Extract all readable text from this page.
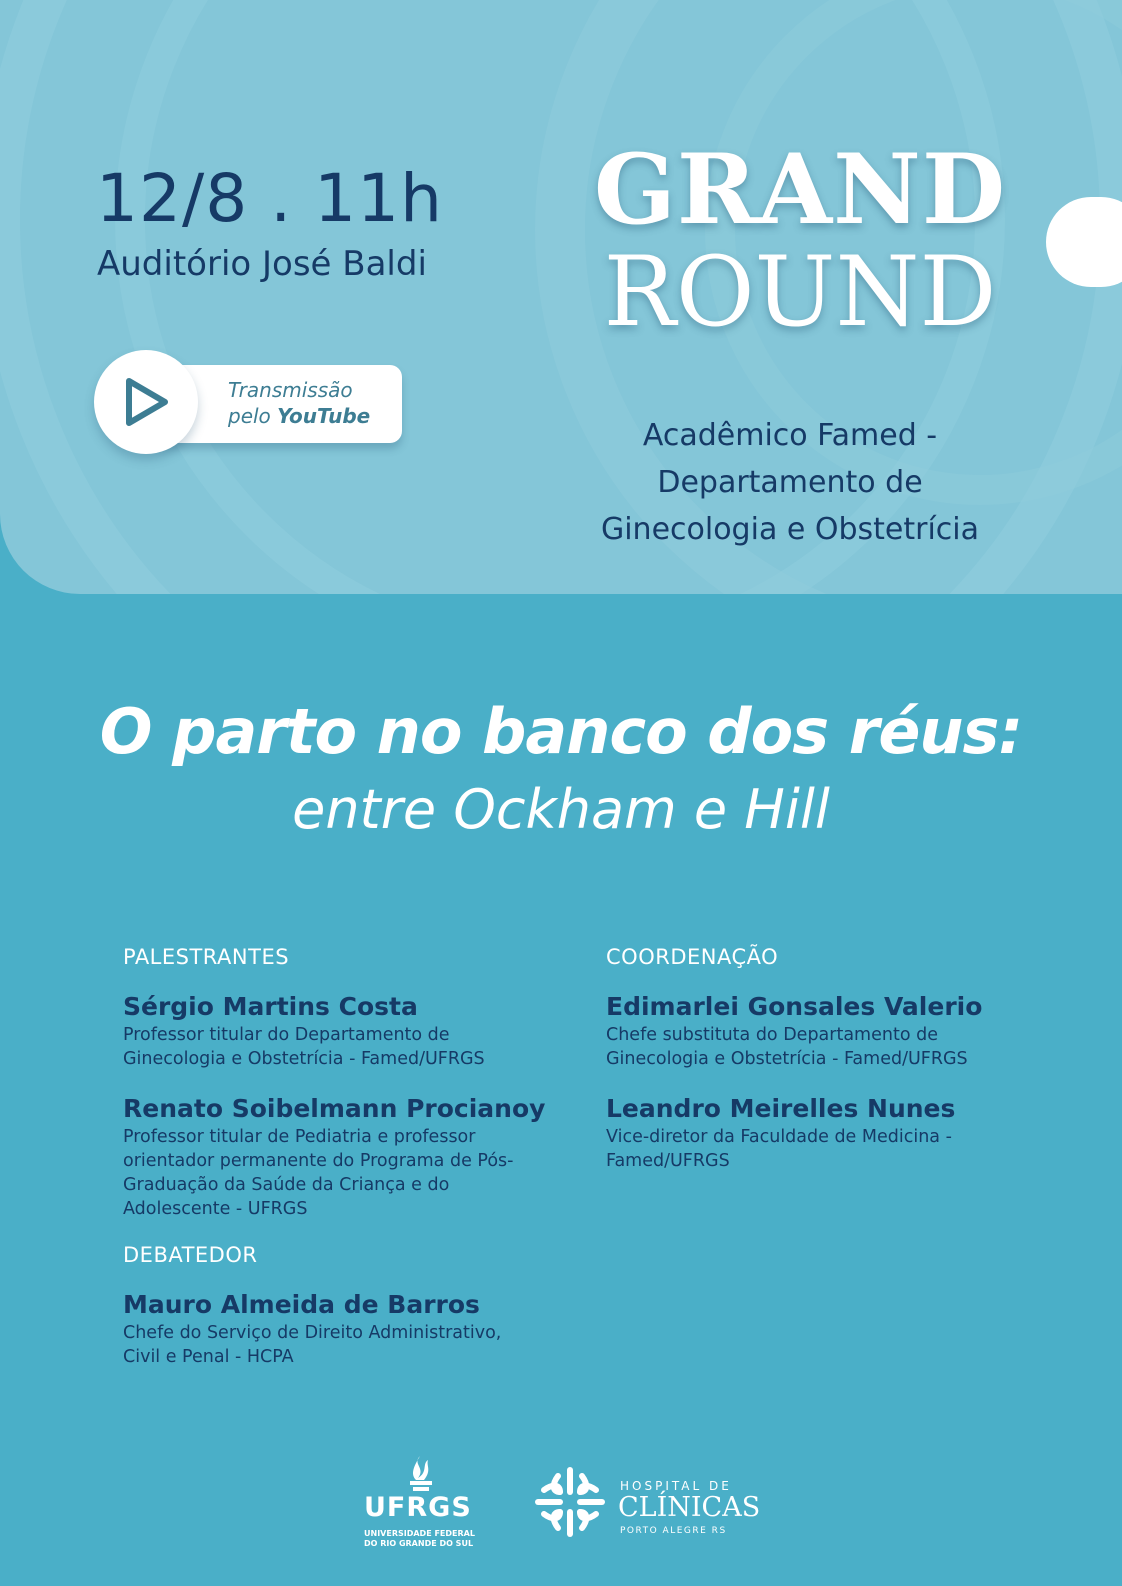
12/8 . 11h
Auditório José Baldi
Transmissão
pelo YouTube
GRAND
ROUND
Acadêmico Famed -
Departamento de
Ginecologia e Obstetrícia
O parto no banco dos réus:
entre Ockham e Hill
PALESTRANTES
Sérgio Martins Costa
Professor titular do Departamento de Ginecologia e Obstetrícia - Famed/UFRGS
Renato Soibelmann Procianoy
Professor titular de Pediatria e professor orientador permanente do Programa de Pós- Graduação da Saúde da Criança e do Adolescente - UFRGS
DEBATEDOR
Mauro Almeida de Barros
Chefe do Serviço de Direito Administrativo, Civil e Penal - HCPA
COORDENAÇÃO
Edimarlei Gonsales Valerio
Chefe substituta do Departamento de Ginecologia e Obstetrícia - Famed/UFRGS
Leandro Meirelles Nunes
Vice-diretor da Faculdade de Medicina - Famed/UFRGS
UFRGS
UNIVERSIDADE FEDERAL
DO RIO GRANDE DO SUL
HOSPITAL DE
CLÍNICAS
PORTO ALEGRE RS
